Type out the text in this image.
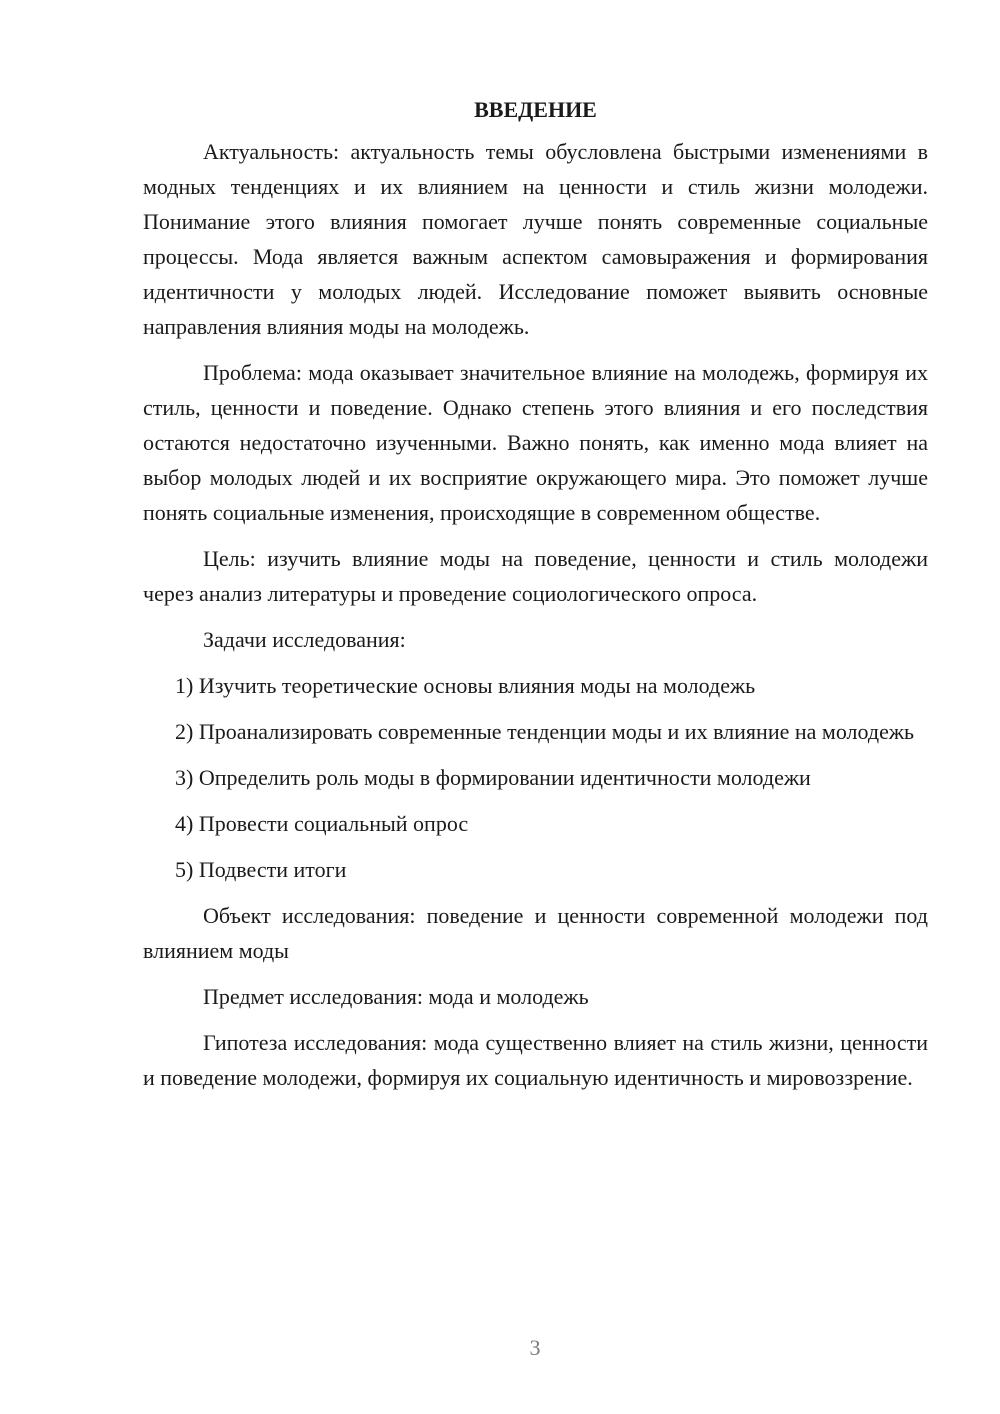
ВВЕДЕНИЕ

Актуальность: актуальность темы обусловлена быстрыми изменениями в модных тенденциях и их влиянием на ценности и стиль жизни молодежи. Понимание этого влияния помогает лучше понять современные социальные процессы. Мода является важным аспектом самовыражения и формирования идентичности у молодых людей. Исследование поможет выявить основные направления влияния моды на молодежь.

Проблема: мода оказывает значительное влияние на молодежь, формируя их стиль, ценности и поведение. Однако степень этого влияния и его последствия остаются недостаточно изученными. Важно понять, как именно мода влияет на выбор молодых людей и их восприятие окружающего мира. Это поможет лучше понять социальные изменения, происходящие в современном обществе.

Цель: изучить влияние моды на поведение, ценности и стиль молодежи через анализ литературы и проведение социологического опроса.

Задачи исследования:

1) Изучить теоретические основы влияния моды на молодежь

2) Проанализировать современные тенденции моды и их влияние на молодежь

3) Определить роль моды в формировании идентичности молодежи

4) Провести социальный опрос

5) Подвести итоги

Объект исследования: поведение и ценности современной молодежи под влиянием моды

Предмет исследования: мода и молодежь

Гипотеза исследования: мода существенно влияет на стиль жизни, ценности и поведение молодежи, формируя их социальную идентичность и мировоззрение.

3
